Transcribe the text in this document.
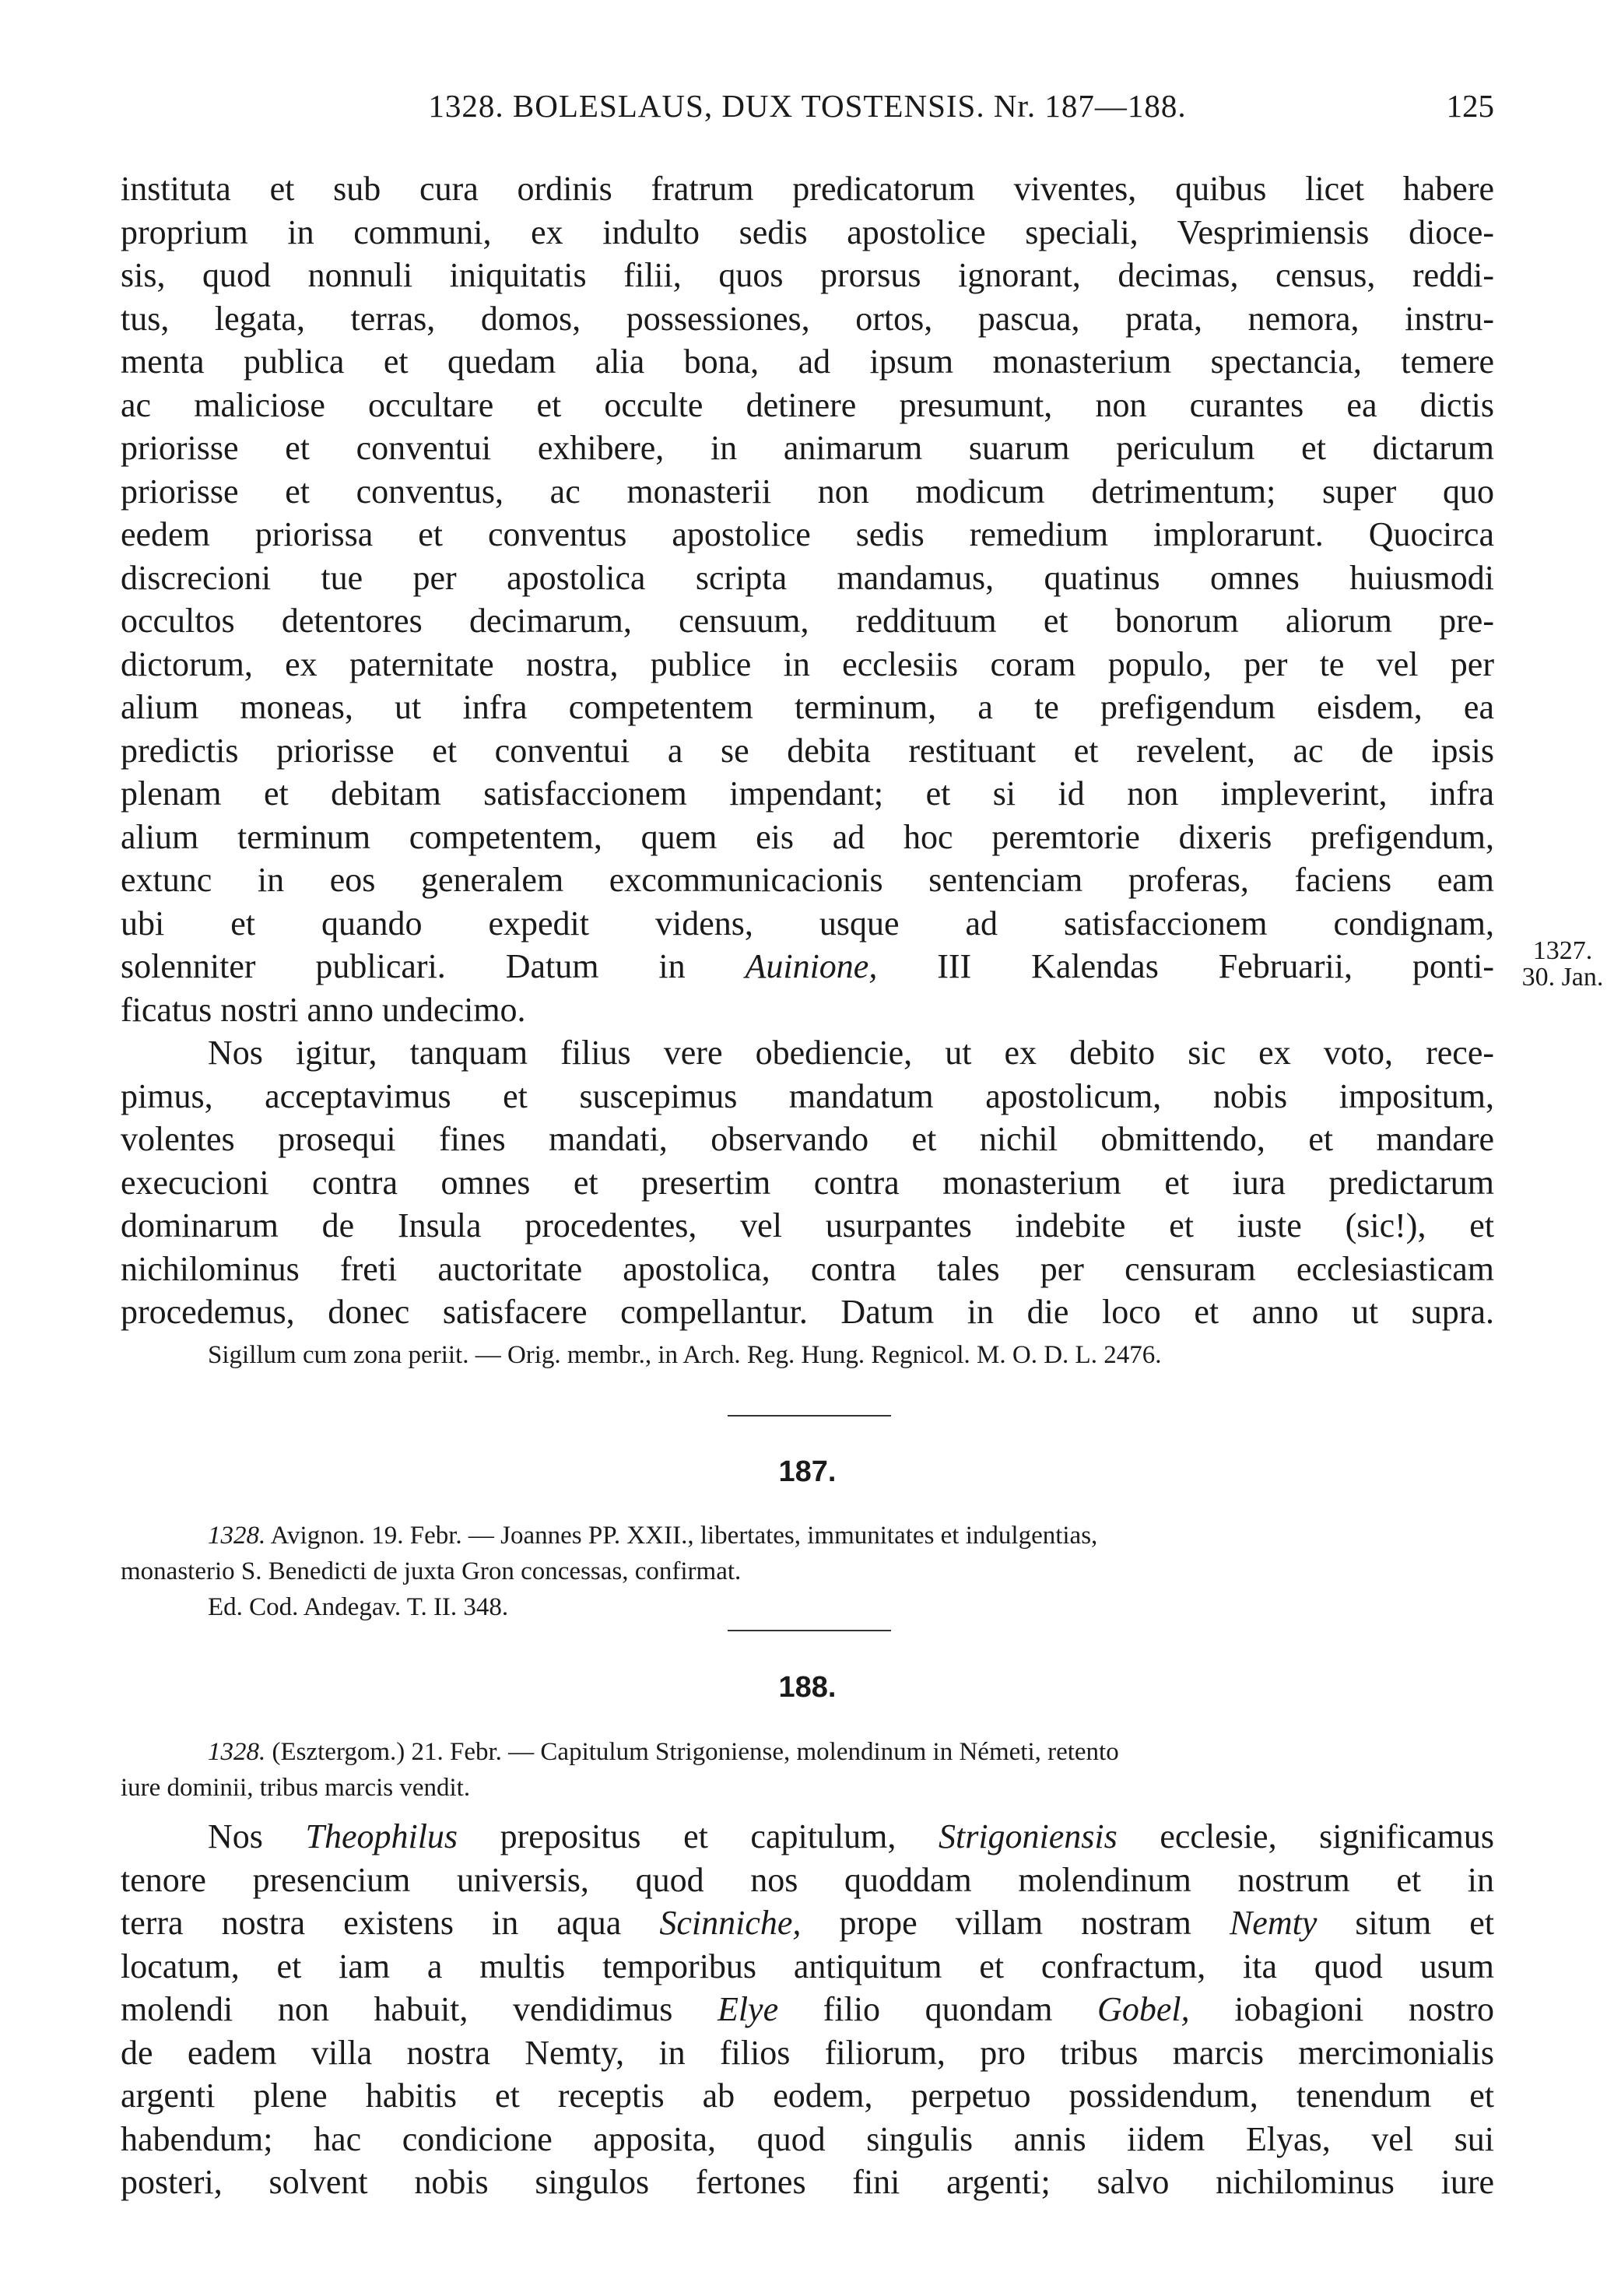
1328. BOLESLAUS, DUX TOSTENSIS. Nr. 187—188.	125
instituta et sub cura ordinis fratrum predicatorum viventes, quibus licet habere
proprium in communi, ex indulto sedis apostolice speciali, Vesprimiensis dioce-
sis, quod nonnuli iniquitatis filii, quos prorsus ignorant, decimas, census, reddi-
tus, legata, terras, domos, possessiones, ortos, pascua, prata, nemora, instru-
menta publica et quedam alia bona, ad ipsum monasterium spectancia, temere
ac maliciose occultare et occulte detinere presumunt, non curantes ea dictis
priorisse et conventui exhibere, in animarum suarum periculum et dictarum
priorisse et conventus, ac monasterii non modicum detrimentum; super quo
eedem priorissa et conventus apostolice sedis remedium implorarunt. Quocirca
discrecioni tue per apostolica scripta mandamus, quatinus omnes huiusmodi
occultos detentores decimarum, censuum, reddituum et bonorum aliorum pre-
dictorum, ex paternitate nostra, publice in ecclesiis coram populo, per te vel per
alium moneas, ut infra competentem terminum, a te prefigendum eisdem, ea
predictis priorisse et conventui a se debita restituant et revelent, ac de ipsis
plenam et debitam satisfaccionem impendant; et si id non impleverint, infra
alium terminum competentem, quem eis ad hoc peremtorie dixeris prefigendum,
extunc in eos generalem excommunicacionis sentenciam proferas, faciens eam
ubi et quando expedit videns, usque ad satisfaccionem condignam,
solenniter publicari. Datum in Auinione, III Kalendas Februarii, ponti-
ficatus nostri anno undecimo.
Nos igitur, tanquam filius vere obediencie, ut ex debito sic ex voto, rece-
pimus, acceptavimus et suscepimus mandatum apostolicum, nobis impositum,
volentes prosequi fines mandati, observando et nichil obmittendo, et mandare
execucioni contra omnes et presertim contra monasterium et iura predictarum
dominarum de Insula procedentes, vel usurpantes indebite et iuste (sic!), et
nichilominus freti auctoritate apostolica, contra tales per censuram ecclesiasticam
procedemus, donec satisfacere compellantur. Datum in die loco et anno ut supra.
Sigillum cum zona periit. — Orig. membr., in Arch. Reg. Hung. Regnicol. M. O. D. L. 2476.
1327.
30. Jan.
187.
1328. Avignon. 19. Febr. — Joannes PP. XXII., libertates, immunitates et indulgentias,
monasterio S. Benedicti de juxta Gron concessas, confirmat.
Ed. Cod. Andegav. T. II. 348.
188.
1328. (Esztergom.) 21. Febr. — Capitulum Strigoniense, molendinum in Németi, retento
iure dominii, tribus marcis vendit.
Nos Theophilus prepositus et capitulum, Strigoniensis ecclesie, significamus
tenore presencium universis, quod nos quoddam molendinum nostrum et in
terra nostra existens in aqua Scinniche, prope villam nostram Nemty situm et
locatum, et iam a multis temporibus antiquitum et confractum, ita quod usum
molendi non habuit, vendidimus Elye filio quondam Gobel, iobagioni nostro
de eadem villa nostra Nemty, in filios filiorum, pro tribus marcis mercimonialis
argenti plene habitis et receptis ab eodem, perpetuo possidendum, tenendum et
habendum; hac condicione apposita, quod singulis annis iidem Elyas, vel sui
posteri, solvent nobis singulos fertones fini argenti; salvo nichilominus iure
